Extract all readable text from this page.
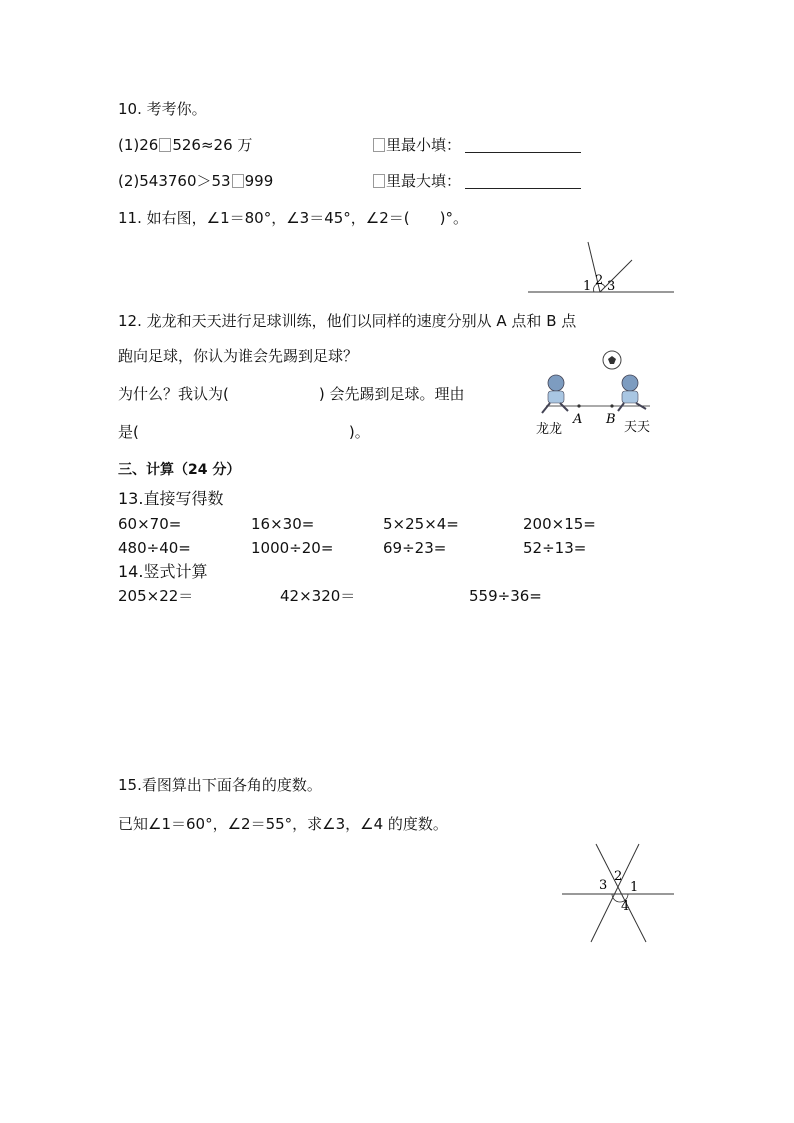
10. 考考你。
(1)26 526≈26 万	里最小填：
(2)543760＞53 999	里最大填：
11. 如右图，∠1＝80°，∠3＝45°，∠2＝(　　)°。
1 2 3
12. 龙龙和天天进行足球训练，他们以同样的速度分别从 A 点和 B 点
跑向足球，你认为谁会先踢到足球？
为什么？我认为(　　　　　　) 会先踢到足球。理由
是(　　　　　　　　　　　　　　)。
A B
龙龙	天天
三、计算（24 分）
13.直接写得数
60×70=	16×30=	5×25×4=	200×15=
480÷40=	1000÷20=	69÷23=	52÷13=
14.竖式计算
205×22＝	42×320＝	559÷36=
15.看图算出下面各角的度数。
已知∠1＝60°，∠2＝55°，求∠3，∠4 的度数。
3
2
1
4
